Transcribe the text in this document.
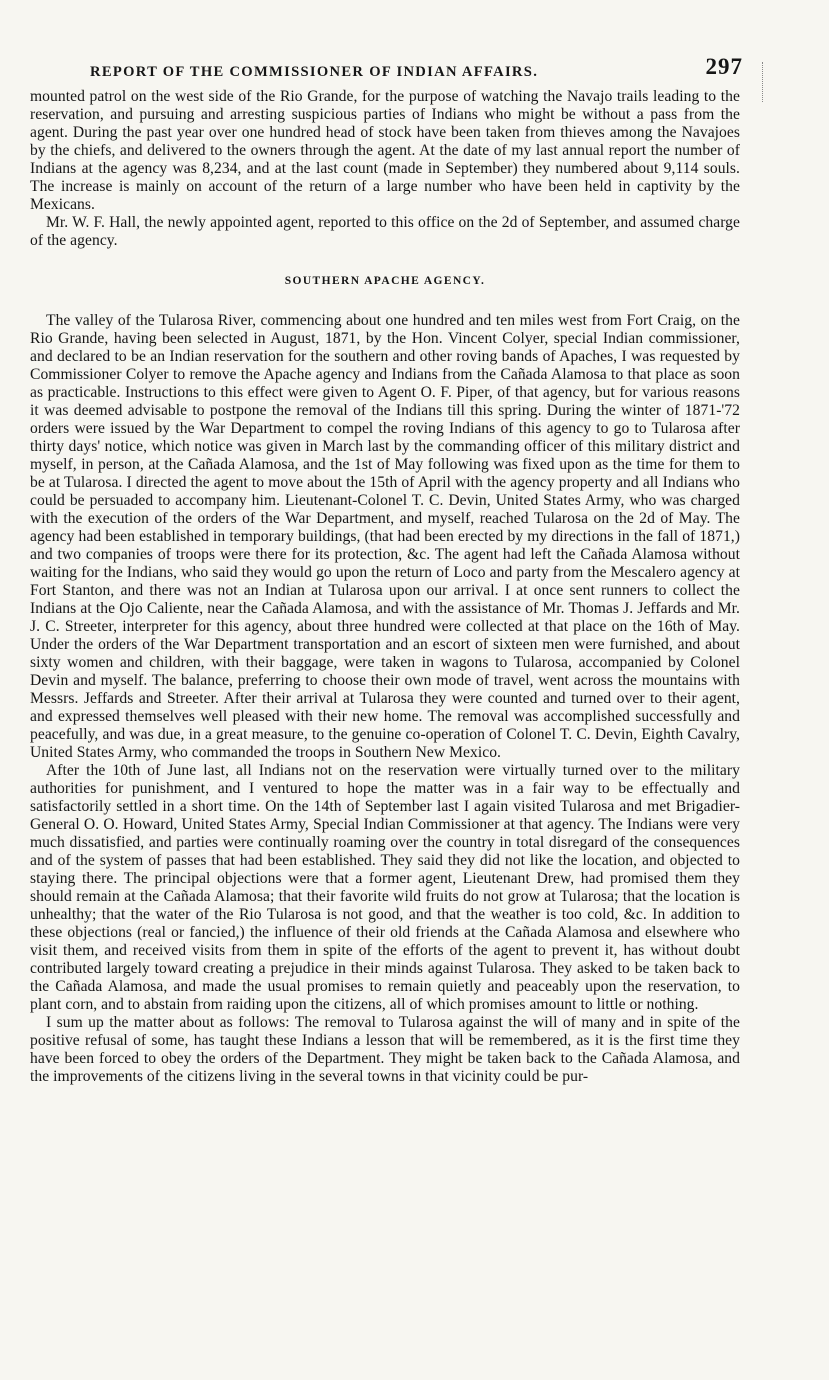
REPORT OF THE COMMISSIONER OF INDIAN AFFAIRS.	297

mounted patrol on the west side of the Rio Grande, for the purpose of watching the Navajo trails leading to the reservation, and pursuing and arresting suspicious parties of Indians who might be without a pass from the agent. During the past year over one hundred head of stock have been taken from thieves among the Navajoes by the chiefs, and delivered to the owners through the agent. At the date of my last annual report the number of Indians at the agency was 8,234, and at the last count (made in September) they numbered about 9,114 souls. The increase is mainly on account of the return of a large number who have been held in captivity by the Mexicans.

Mr. W. F. Hall, the newly appointed agent, reported to this office on the 2d of September, and assumed charge of the agency.

SOUTHERN APACHE AGENCY.

The valley of the Tularosa River, commencing about one hundred and ten miles west from Fort Craig, on the Rio Grande, having been selected in August, 1871, by the Hon. Vincent Colyer, special Indian commissioner, and declared to be an Indian reservation for the southern and other roving bands of Apaches, I was requested by Commissioner Colyer to remove the Apache agency and Indians from the Cañada Alamosa to that place as soon as practicable. Instructions to this effect were given to Agent O. F. Piper, of that agency, but for various reasons it was deemed advisable to postpone the removal of the Indians till this spring. During the winter of 1871-'72 orders were issued by the War Department to compel the roving Indians of this agency to go to Tularosa after thirty days' notice, which notice was given in March last by the commanding officer of this military district and myself, in person, at the Cañada Alamosa, and the 1st of May following was fixed upon as the time for them to be at Tularosa. I directed the agent to move about the 15th of April with the agency property and all Indians who could be persuaded to accompany him. Lieutenant-Colonel T. C. Devin, United States Army, who was charged with the execution of the orders of the War Department, and myself, reached Tularosa on the 2d of May. The agency had been established in temporary buildings, (that had been erected by my directions in the fall of 1871,) and two companies of troops were there for its protection, &c. The agent had left the Cañada Alamosa without waiting for the Indians, who said they would go upon the return of Loco and party from the Mescalero agency at Fort Stanton, and there was not an Indian at Tularosa upon our arrival. I at once sent runners to collect the Indians at the Ojo Caliente, near the Cañada Alamosa, and with the assistance of Mr. Thomas J. Jeffards and Mr. J. C. Streeter, interpreter for this agency, about three hundred were collected at that place on the 16th of May. Under the orders of the War Department transportation and an escort of sixteen men were furnished, and about sixty women and children, with their baggage, were taken in wagons to Tularosa, accompanied by Colonel Devin and myself. The balance, preferring to choose their own mode of travel, went across the mountains with Messrs. Jeffards and Streeter. After their arrival at Tularosa they were counted and turned over to their agent, and expressed themselves well pleased with their new home. The removal was accomplished successfully and peacefully, and was due, in a great measure, to the genuine co-operation of Colonel T. C. Devin, Eighth Cavalry, United States Army, who commanded the troops in Southern New Mexico.

After the 10th of June last, all Indians not on the reservation were virtually turned over to the military authorities for punishment, and I ventured to hope the matter was in a fair way to be effectually and satisfactorily settled in a short time. On the 14th of September last I again visited Tularosa and met Brigadier-General O. O. Howard, United States Army, Special Indian Commissioner at that agency. The Indians were very much dissatisfied, and parties were continually roaming over the country in total disregard of the consequences and of the system of passes that had been established. They said they did not like the location, and objected to staying there. The principal objections were that a former agent, Lieutenant Drew, had promised them they should remain at the Cañada Alamosa; that their favorite wild fruits do not grow at Tularosa; that the location is unhealthy; that the water of the Rio Tularosa is not good, and that the weather is too cold, &c. In addition to these objections (real or fancied,) the influence of their old friends at the Cañada Alamosa and elsewhere who visit them, and received visits from them in spite of the efforts of the agent to prevent it, has without doubt contributed largely toward creating a prejudice in their minds against Tularosa. They asked to be taken back to the Cañada Alamosa, and made the usual promises to remain quietly and peaceably upon the reservation, to plant corn, and to abstain from raiding upon the citizens, all of which promises amount to little or nothing.

I sum up the matter about as follows: The removal to Tularosa against the will of many and in spite of the positive refusal of some, has taught these Indians a lesson that will be remembered, as it is the first time they have been forced to obey the orders of the Department. They might be taken back to the Cañada Alamosa, and the improvements of the citizens living in the several towns in that vicinity could be pur-
